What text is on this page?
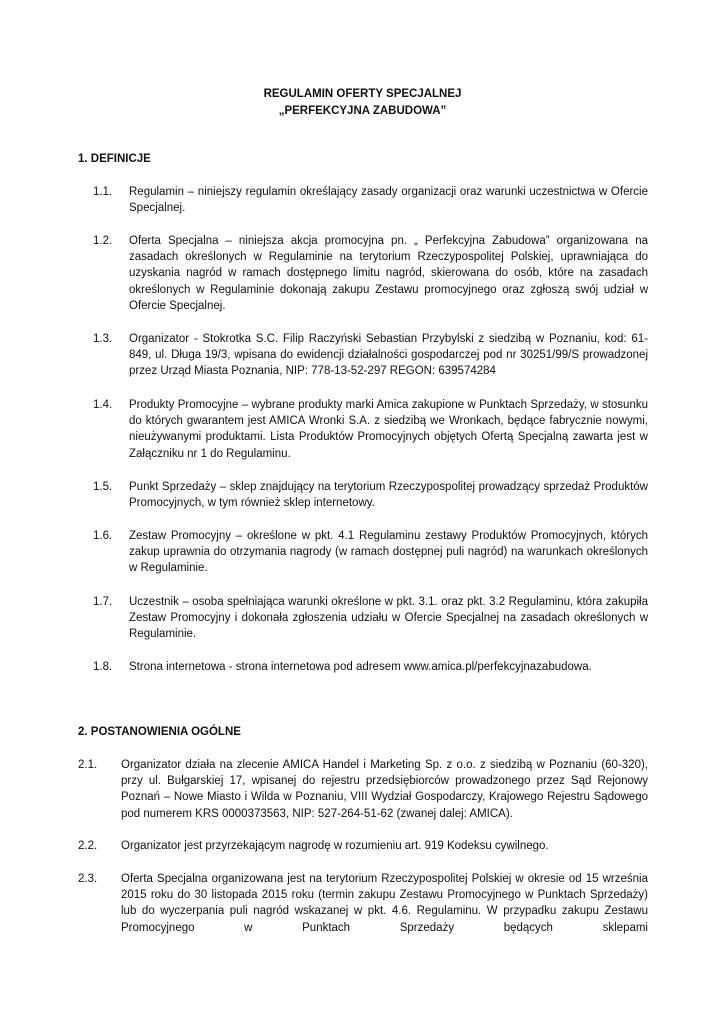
REGULAMIN OFERTY SPECJALNEJ
„PERFEKCYJNA ZABUDOWA”
1. DEFINICJE
1.1. Regulamin – niniejszy regulamin określający zasady organizacji oraz warunki uczestnictwa w Ofercie Specjalnej.

1.2. Oferta Specjalna – niniejsza akcja promocyjna pn. „ Perfekcyjna Zabudowa” organizowana na zasadach określonych w Regulaminie na terytorium Rzeczypospolitej Polskiej, uprawniająca do uzyskania nagród w ramach dostępnego limitu nagród, skierowana do osób, które na zasadach określonych w Regulaminie dokonają zakupu Zestawu promocyjnego oraz zgłoszą swój udział w Ofercie Specjalnej.

1.3. Organizator - Stokrotka S.C. Filip Raczyński Sebastian Przybylski z siedzibą w Poznaniu, kod: 61-849, ul. Długa 19/3, wpisana do ewidencji działalności gospodarczej pod nr 30251/99/S prowadzonej przez Urząd Miasta Poznania, NIP: 778-13-52-297 REGON: 639574284

1.4. Produkty Promocyjne – wybrane produkty marki Amica zakupione w Punktach Sprzedaży, w stosunku do których gwarantem jest AMICA Wronki S.A. z siedzibą we Wronkach, będące fabrycznie nowymi, nieużywanymi produktami. Lista Produktów Promocyjnych objętych Ofertą Specjalną zawarta jest w Załączniku nr 1 do Regulaminu.

1.5. Punkt Sprzedaży – sklep znajdujący na terytorium Rzeczypospolitej prowadzący sprzedaż Produktów Promocyjnych, w tym również sklep internetowy.

1.6. Zestaw Promocyjny – określone w pkt. 4.1 Regulaminu zestawy Produktów Promocyjnych, których zakup uprawnia do otrzymania nagrody (w ramach dostępnej puli nagród) na warunkach określonych w Regulaminie.

1.7. Uczestnik – osoba spełniająca warunki określone w pkt. 3.1. oraz pkt. 3.2 Regulaminu, która zakupiła Zestaw Promocyjny i dokonała zgłoszenia udziału w Ofercie Specjalnej na zasadach określonych w Regulaminie.

1.8. Strona internetowa - strona internetowa pod adresem www.amica.pl/perfekcyjnazabudowa.

2. POSTANOWIENIA OGÓLNE
2.1. Organizator działa na zlecenie AMICA Handel i Marketing Sp. z o.o. z siedzibą w Poznaniu (60-320), przy ul. Bułgarskiej 17, wpisanej do rejestru przedsiębiorców prowadzonego przez Sąd Rejonowy Poznań – Nowe Miasto i Wilda w Poznaniu, VIII Wydział Gospodarczy, Krajowego Rejestru Sądowego pod numerem KRS 0000373563, NIP: 527-264-51-62 (zwanej dalej: AMICA).

2.2. Organizator jest przyrzekającym nagrodę w rozumieniu art. 919 Kodeksu cywilnego.

2.3. Oferta Specjalna organizowana jest na terytorium Rzeczypospolitej Polskiej w okresie od 15 września 2015 roku do 30 listopada 2015 roku (termin zakupu Zestawu Promocyjnego w Punktach Sprzedaży) lub do wyczerpania puli nagród wskazanej w pkt. 4.6. Regulaminu. W przypadku zakupu Zestawu Promocyjnego w Punktach Sprzedaży będących sklepami
